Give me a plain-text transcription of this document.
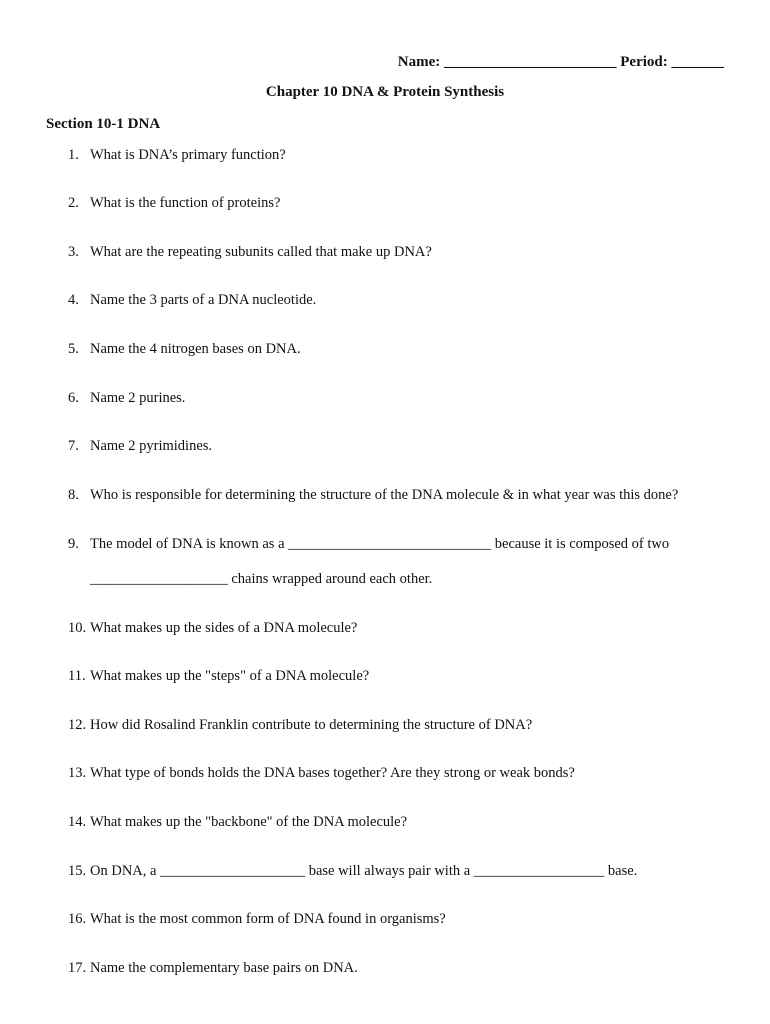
Name: _______________________ Period: _______
Chapter 10 DNA & Protein Synthesis
Section 10-1 DNA
1. What is DNA’s primary function?
2. What is the function of proteins?
3. What are the repeating subunits called that make up DNA?
4. Name the 3 parts of a DNA nucleotide.
5. Name the 4 nitrogen bases on DNA.
6. Name 2 purines.
7. Name 2 pyrimidines.
8. Who is responsible for determining the structure of the DNA molecule & in what year was this done?
9. The model of DNA is known as a ____________________________ because it is composed of two
___________________ chains wrapped around each other.
10. What makes up the sides of a DNA molecule?
11. What makes up the "steps" of a DNA molecule?
12. How did Rosalind Franklin contribute to determining the structure of DNA?
13. What type of bonds holds the DNA bases together? Are they strong or weak bonds?
14. What makes up the "backbone" of the DNA molecule?
15. On DNA, a ____________________ base will always pair with a __________________ base.
16. What is the most common form of DNA found in organisms?
17. Name the complementary base pairs on DNA.
